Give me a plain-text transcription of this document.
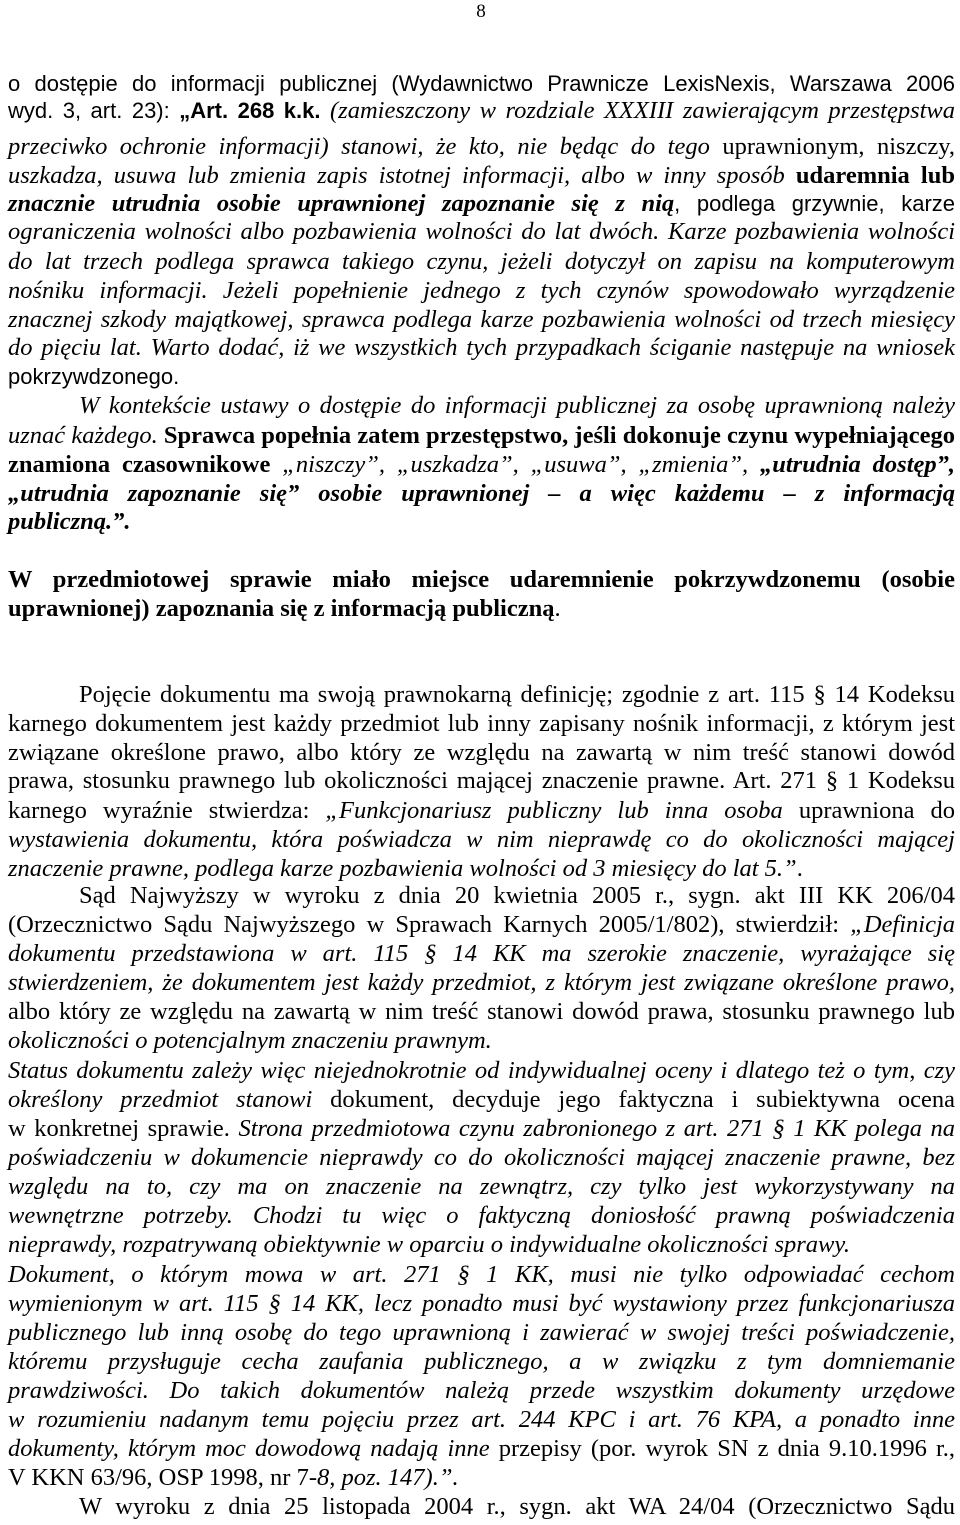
8
o dostępie do informacji publicznej (Wydawnictwo Prawnicze LexisNexis, Warszawa 2006
wyd. 3, art. 23): „Art. 268 k.k. (zamieszczony w rozdziale XXXIII zawierającym przestępstwa
przeciwko ochronie informacji) stanowi, że kto, nie będąc do tego uprawnionym, niszczy,
uszkadza, usuwa lub zmienia zapis istotnej informacji, albo w inny sposób udaremnia lub
znacznie utrudnia osobie uprawnionej zapoznanie się z nią, podlega grzywnie, karze
ograniczenia wolności albo pozbawienia wolności do lat dwóch. Karze pozbawienia wolności
do lat trzech podlega sprawca takiego czynu, jeżeli dotyczył on zapisu na komputerowym
nośniku informacji. Jeżeli popełnienie jednego z tych czynów spowodowało wyrządzenie
znacznej szkody majątkowej, sprawca podlega karze pozbawienia wolności od trzech miesięcy
do pięciu lat. Warto dodać, iż we wszystkich tych przypadkach ściganie następuje na wniosek
pokrzywdzonego.
W kontekście ustawy o dostępie do informacji publicznej za osobę uprawnioną należy
uznać każdego. Sprawca popełnia zatem przestępstwo, jeśli dokonuje czynu wypełniającego
znamiona czasownikowe „niszczy”, „uszkadza”, „usuwa”, „zmienia”, „utrudnia dostęp”,
„utrudnia zapoznanie się” osobie uprawnionej – a więc każdemu – z informacją
publiczną.”.
W przedmiotowej sprawie miało miejsce udaremnienie pokrzywdzonemu (osobie
uprawnionej) zapoznania się z informacją publiczną.
Pojęcie dokumentu ma swoją prawnokarną definicję; zgodnie z art. 115 § 14 Kodeksu
karnego dokumentem jest każdy przedmiot lub inny zapisany nośnik informacji, z którym jest
związane określone prawo, albo który ze względu na zawartą w nim treść stanowi dowód
prawa, stosunku prawnego lub okoliczności mającej znaczenie prawne. Art. 271 § 1 Kodeksu
karnego wyraźnie stwierdza: „Funkcjonariusz publiczny lub inna osoba uprawniona do
wystawienia dokumentu, która poświadcza w nim nieprawdę co do okoliczności mającej
znaczenie prawne, podlega karze pozbawienia wolności od 3 miesięcy do lat 5.”.
Sąd Najwyższy w wyroku z dnia 20 kwietnia 2005 r., sygn. akt III KK 206/04
(Orzecznictwo Sądu Najwyższego w Sprawach Karnych 2005/1/802), stwierdził: „Definicja
dokumentu przedstawiona w art. 115 § 14 KK ma szerokie znaczenie, wyrażające się
stwierdzeniem, że dokumentem jest każdy przedmiot, z którym jest związane określone prawo,
albo który ze względu na zawartą w nim treść stanowi dowód prawa, stosunku prawnego lub
okoliczności o potencjalnym znaczeniu prawnym.
Status dokumentu zależy więc niejednokrotnie od indywidualnej oceny i dlatego też o tym, czy
określony przedmiot stanowi dokument, decyduje jego faktyczna i subiektywna ocena
w konkretnej sprawie. Strona przedmiotowa czynu zabronionego z art. 271 § 1 KK polega na
poświadczeniu w dokumencie nieprawdy co do okoliczności mającej znaczenie prawne, bez
względu na to, czy ma on znaczenie na zewnątrz, czy tylko jest wykorzystywany na
wewnętrzne potrzeby. Chodzi tu więc o faktyczną doniosłość prawną poświadczenia
nieprawdy, rozpatrywaną obiektywnie w oparciu o indywidualne okoliczności sprawy.
Dokument, o którym mowa w art. 271 § 1 KK, musi nie tylko odpowiadać cechom
wymienionym w art. 115 § 14 KK, lecz ponadto musi być wystawiony przez funkcjonariusza
publicznego lub inną osobę do tego uprawnioną i zawierać w swojej treści poświadczenie,
któremu przysługuje cecha zaufania publicznego, a w związku z tym domniemanie
prawdziwości. Do takich dokumentów należą przede wszystkim dokumenty urzędowe
w rozumieniu nadanym temu pojęciu przez art. 244 KPC i art. 76 KPA, a ponadto inne
dokumenty, którym moc dowodową nadają inne przepisy (por. wyrok SN z dnia 9.10.1996 r.,
V KKN 63/96, OSP 1998, nr 7-8, poz. 147).”.
W wyroku z dnia 25 listopada 2004 r., sygn. akt WA 24/04 (Orzecznictwo Sądu
